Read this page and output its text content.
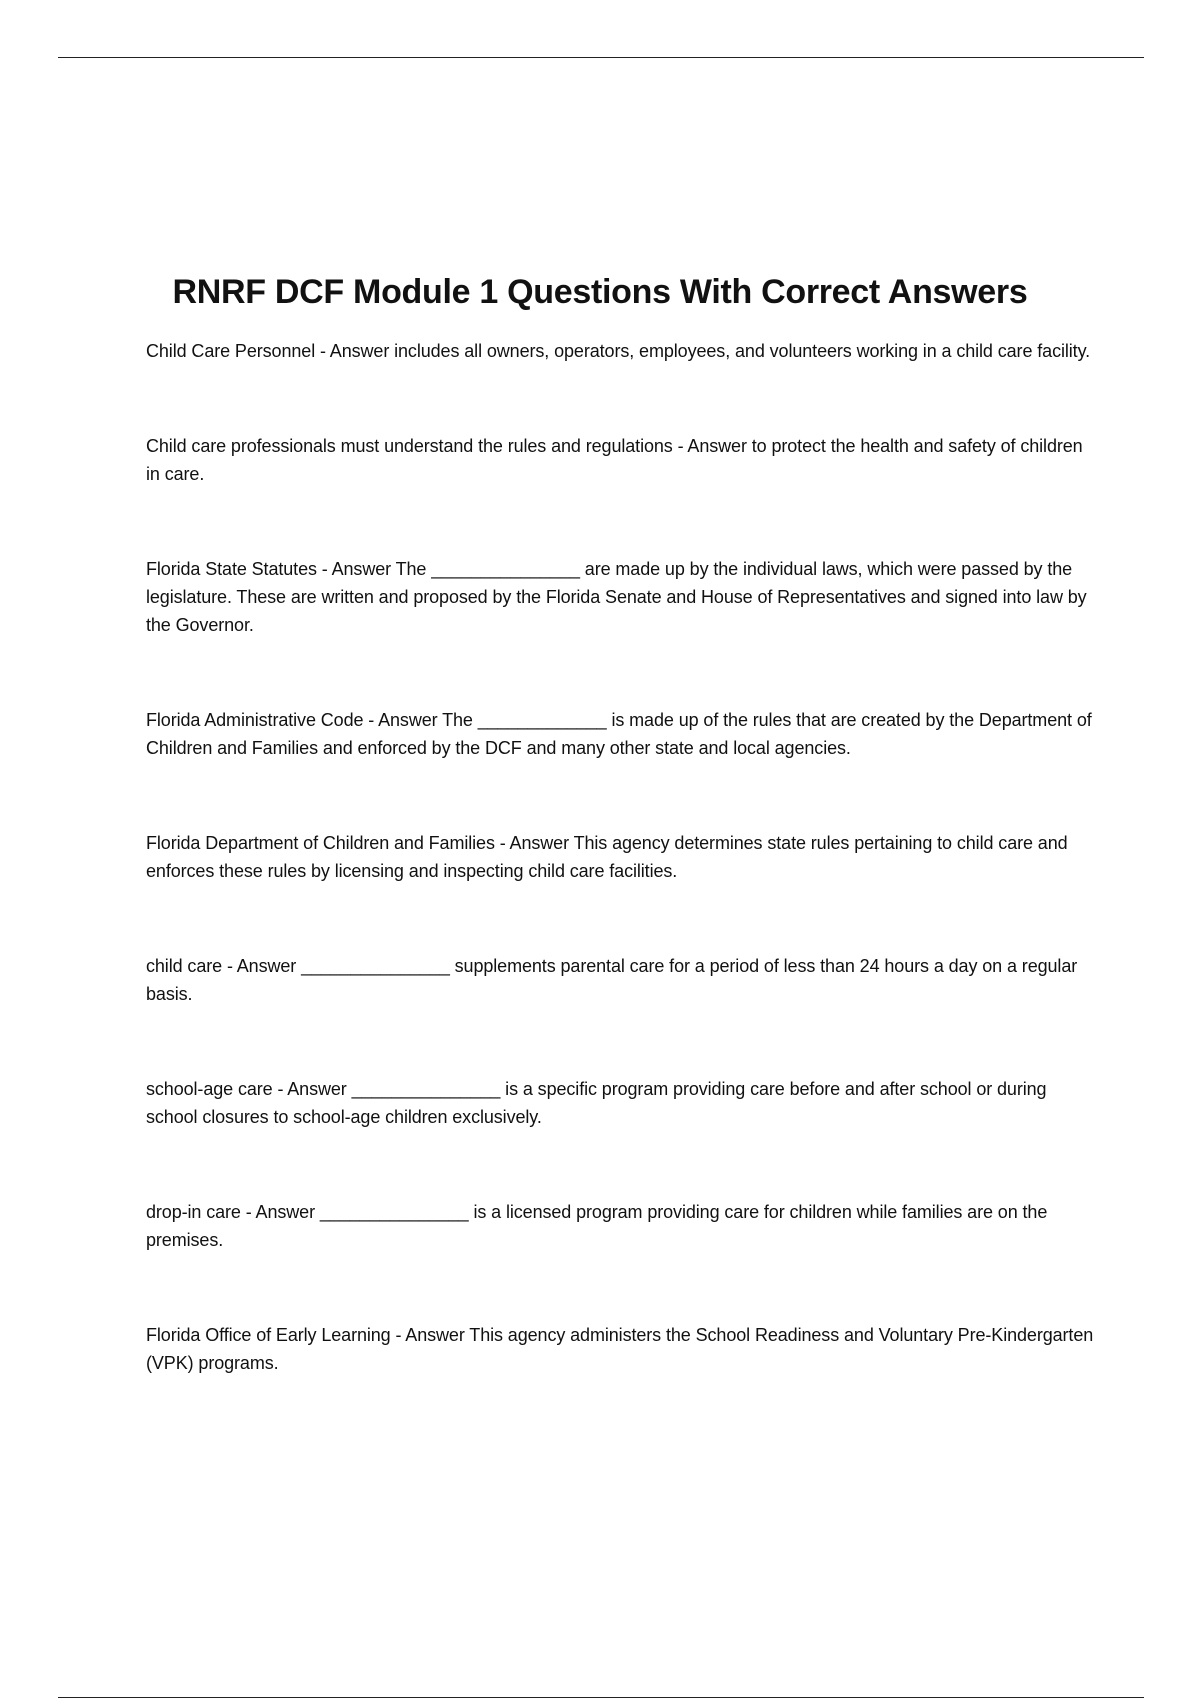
RNRF DCF Module 1 Questions With Correct Answers
Child Care Personnel - Answer includes all owners, operators, employees, and volunteers working in a child care facility.
Child care professionals must understand the rules and regulations - Answer to protect the health and safety of children in care.
Florida State Statutes - Answer The _______________ are made up by the individual laws, which were passed by the legislature. These are written and proposed by the Florida Senate and House of Representatives and signed into law by the Governor.
Florida Administrative Code - Answer The _____________ is made up of the rules that are created by the Department of Children and Families and enforced by the DCF and many other state and local agencies.
Florida Department of Children and Families - Answer This agency determines state rules pertaining to child care and enforces these rules by licensing and inspecting child care facilities.
child care - Answer _______________ supplements parental care for a period of less than 24 hours a day on a regular basis.
school-age care - Answer _______________ is a specific program providing care before and after school or during school closures to school-age children exclusively.
drop-in care - Answer _______________ is a licensed program providing care for children while families are on the premises.
Florida Office of Early Learning - Answer This agency administers the School Readiness and Voluntary Pre-Kindergarten (VPK) programs.
